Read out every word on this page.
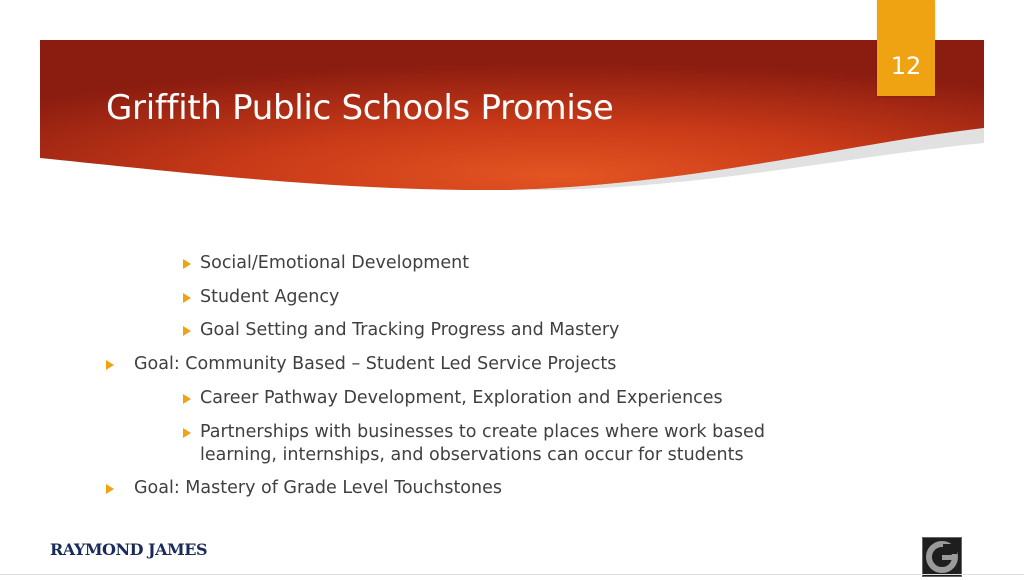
Griffith Public Schools Promise
12
Social/Emotional Development
Student Agency
Goal Setting and Tracking Progress and Mastery
Goal: Community Based – Student Led Service Projects
Career Pathway Development, Exploration and Experiences
Partnerships with businesses to create places where work based
learning, internships, and observations can occur for students
Goal: Mastery of Grade Level Touchstones
RAYMOND JAMES
